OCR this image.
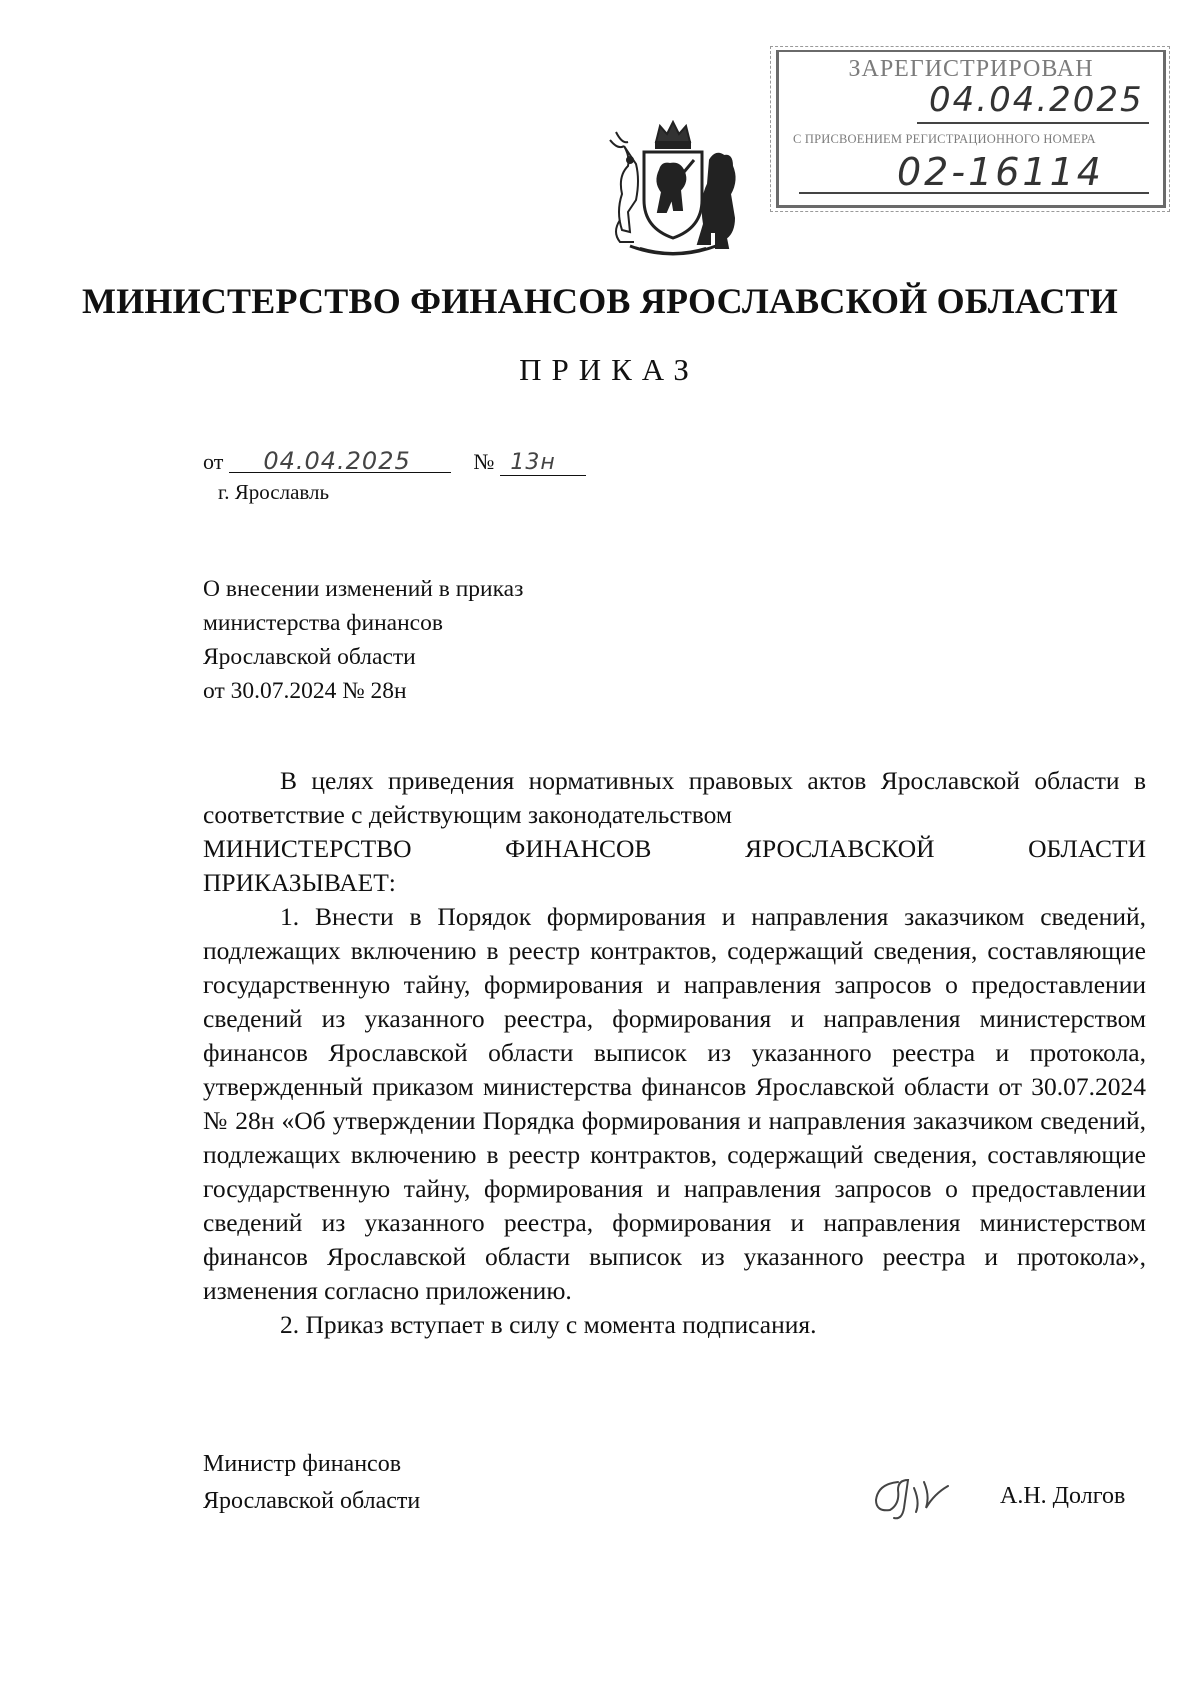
ЗАРЕГИСТРИРОВАН
04.04.2025
С ПРИСВОЕНИЕМ РЕГИСТРАЦИОННОГО НОМЕРА
02-16114
МИНИСТЕРСТВО ФИНАНСОВ ЯРОСЛАВСКОЙ ОБЛАСТИ
ПРИКАЗ
от 04.04.2025	№ 13н
г. Ярославль
О внесении изменений в приказ
министерства финансов
Ярославской области
от 30.07.2024 № 28н

В целях приведения нормативных правовых актов Ярославской области в соответствие с действующим законодательством

МИНИСТЕРСТВО ФИНАНСОВ ЯРОСЛАВСКОЙ ОБЛАСТИ

ПРИКАЗЫВАЕТ:

1. Внести в Порядок формирования и направления заказчиком сведений, подлежащих включению в реестр контрактов, содержащий сведения, составляющие государственную тайну, формирования и направления запросов о предоставлении сведений из указанного реестра, формирования и направления министерством финансов Ярославской области выписок из указанного реестра и протокола, утвержденный приказом министерства финансов Ярославской области от 30.07.2024 № 28н «Об утверждении Порядка формирования и направления заказчиком сведений, подлежащих включению в реестр контрактов, содержащий сведения, составляющие государственную тайну, формирования и направления запросов о предоставлении сведений из указанного реестра, формирования и направления министерством финансов Ярославской области выписок из указанного реестра и протокола», изменения согласно приложению.

2. Приказ вступает в силу с момента подписания.

Министр финансов
Ярославской области	А.Н. Долгов
